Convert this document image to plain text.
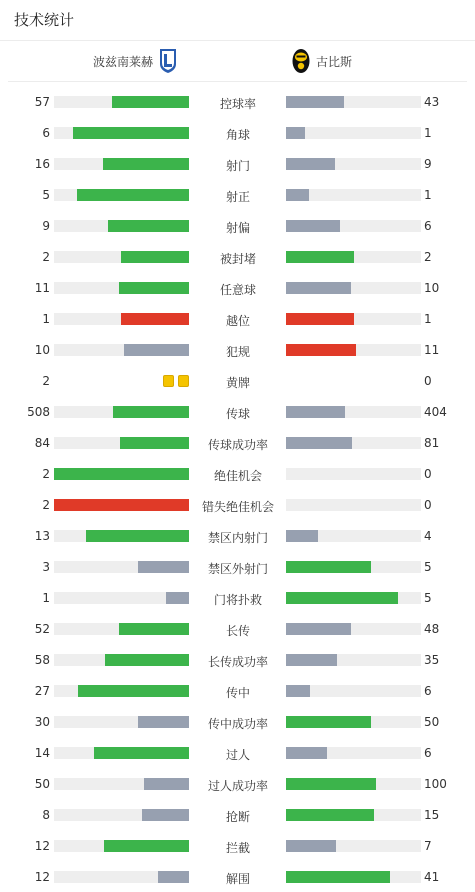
技术统计
波兹南莱赫	古比斯
57	控球率	43
6	角球	1
16	射门	9
5	射正	1
9	射偏	6
2	被封堵	2
11	任意球	10
1	越位	1
10	犯规	11
2	黄牌	0
508	传球	404
84	传球成功率	81
2	绝佳机会	0
2	错失绝佳机会	0
13	禁区内射门	4
3	禁区外射门	5
1	门将扑救	5
52	长传	48
58	长传成功率	35
27	传中	6
30	传中成功率	50
14	过人	6
50	过人成功率	100
8	抢断	15
12	拦截	7
12	解围	41
